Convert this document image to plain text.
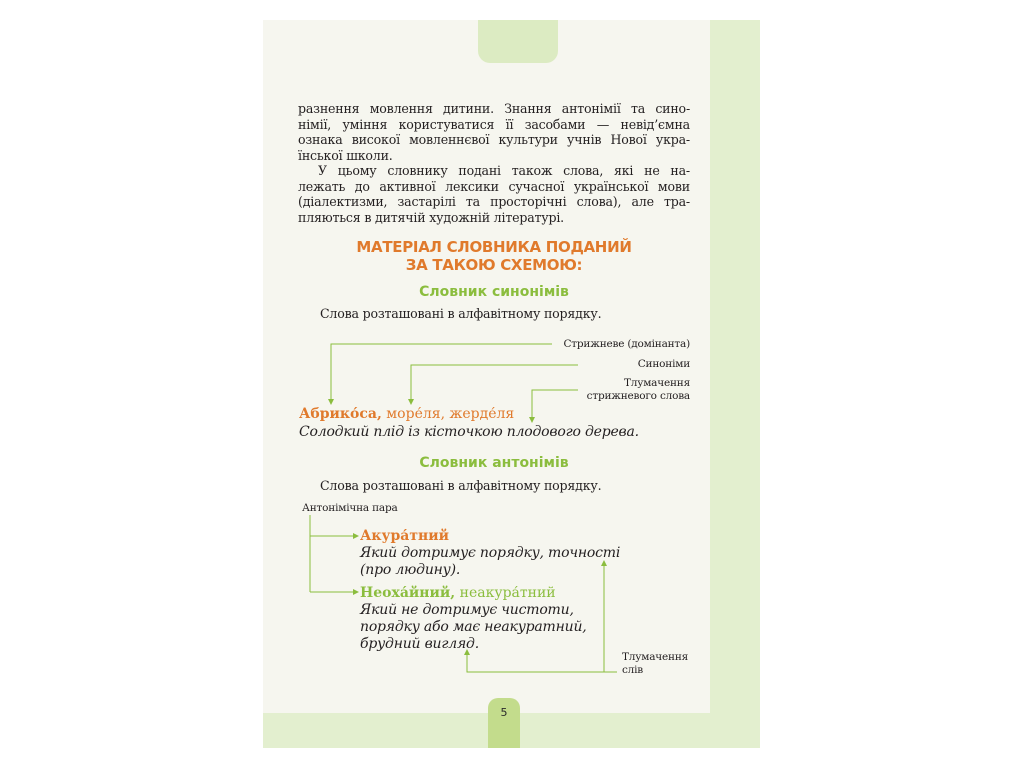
5
разнення мовлення дитини. Знання антонімії та сино-
німії, уміння користуватися її засобами — невід’ємна
ознака високої мовленнєвої культури учнів Нової укра-
їнської школи.
У цьому словнику подані також слова, які не на-
лежать до активної лексики сучасної української мови
(діалектизми, застарілі та просторічні слова), але тра-
пляються в дитячій художній літературі.
МАТЕРІАЛ СЛОВНИКА ПОДАНИЙ
ЗА ТАКОЮ СХЕМОЮ:
Словник синонімів
Слова розташовані в алфавітному порядку.
Стрижневе (домінанта)
Синоніми
Тлумачення
стрижневого слова
Абрико́са, море́ля, жерде́ля
Солодкий плід із кісточкою плодового дерева.
Словник антонімів
Слова розташовані в алфавітному порядку.
Антонімічна пара
Акура́тний
Який дотримує порядку, точності
(про людину).
Неоха́йний, неакура́тний
Який не дотримує чистоти,
порядку або має неакуратний,
брудний вигляд.
Тлумачення
слів
